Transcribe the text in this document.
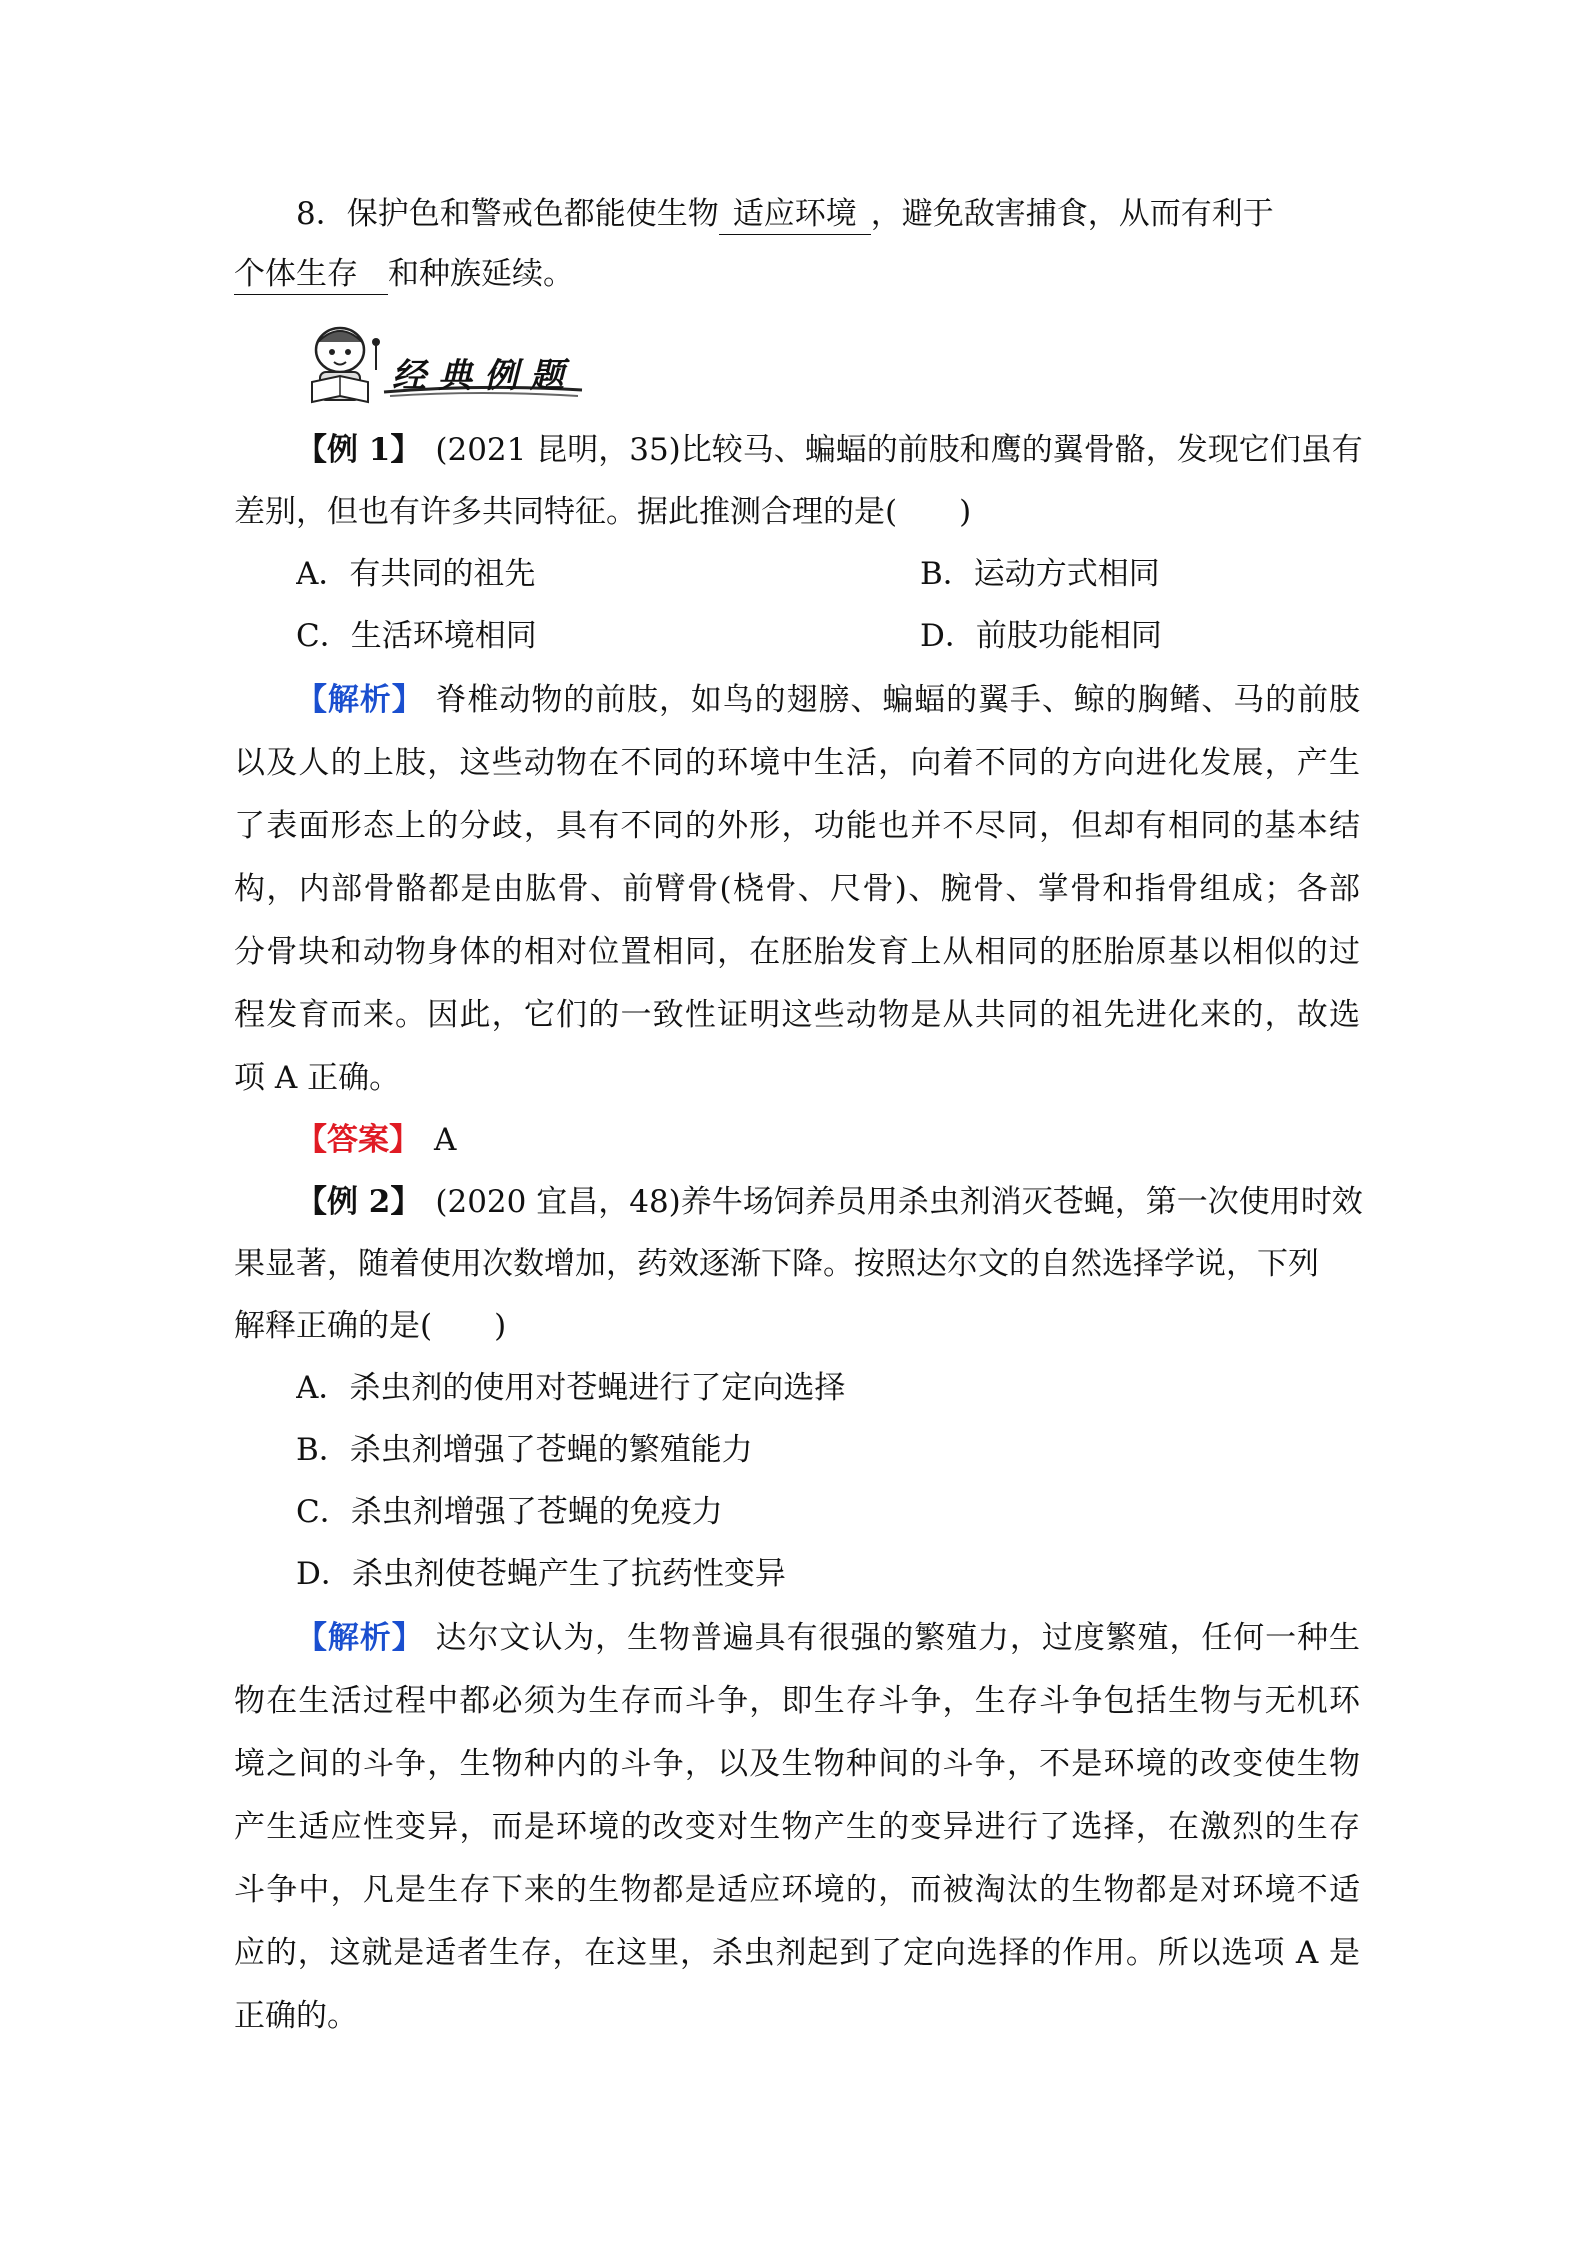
8．保护色和警戒色都能使生物 适应环境 ，避免敌害捕食，从而有利于
个体生存 和种族延续。
经典例题
【例 1】 (2021 昆明，35)比较马、蝙蝠的前肢和鹰的翼骨骼，发现它们虽有
差别，但也有许多共同特征。据此推测合理的是(　　)
A．有共同的祖先	B．运动方式相同
C．生活环境相同	D．前肢功能相同
【解析】 脊椎动物的前肢，如鸟的翅膀、蝙蝠的翼手、鲸的胸鳍、马的前肢
以及人的上肢，这些动物在不同的环境中生活，向着不同的方向进化发展，产生
了表面形态上的分歧，具有不同的外形，功能也并不尽同，但却有相同的基本结
构，内部骨骼都是由肱骨、前臂骨(桡骨、尺骨)、腕骨、掌骨和指骨组成；各部
分骨块和动物身体的相对位置相同，在胚胎发育上从相同的胚胎原基以相似的过
程发育而来。因此，它们的一致性证明这些动物是从共同的祖先进化来的，故选
项 A 正确。
【答案】 A
【例 2】 (2020 宜昌，48)养牛场饲养员用杀虫剂消灭苍蝇，第一次使用时效
果显著，随着使用次数增加，药效逐渐下降。按照达尔文的自然选择学说，下列
解释正确的是(　　)
A．杀虫剂的使用对苍蝇进行了定向选择
B．杀虫剂增强了苍蝇的繁殖能力
C．杀虫剂增强了苍蝇的免疫力
D．杀虫剂使苍蝇产生了抗药性变异
【解析】 达尔文认为，生物普遍具有很强的繁殖力，过度繁殖，任何一种生
物在生活过程中都必须为生存而斗争，即生存斗争，生存斗争包括生物与无机环
境之间的斗争，生物种内的斗争，以及生物种间的斗争，不是环境的改变使生物
产生适应性变异，而是环境的改变对生物产生的变异进行了选择，在激烈的生存
斗争中，凡是生存下来的生物都是适应环境的，而被淘汰的生物都是对环境不适
应的，这就是适者生存，在这里，杀虫剂起到了定向选择的作用。所以选项 A 是
正确的。
